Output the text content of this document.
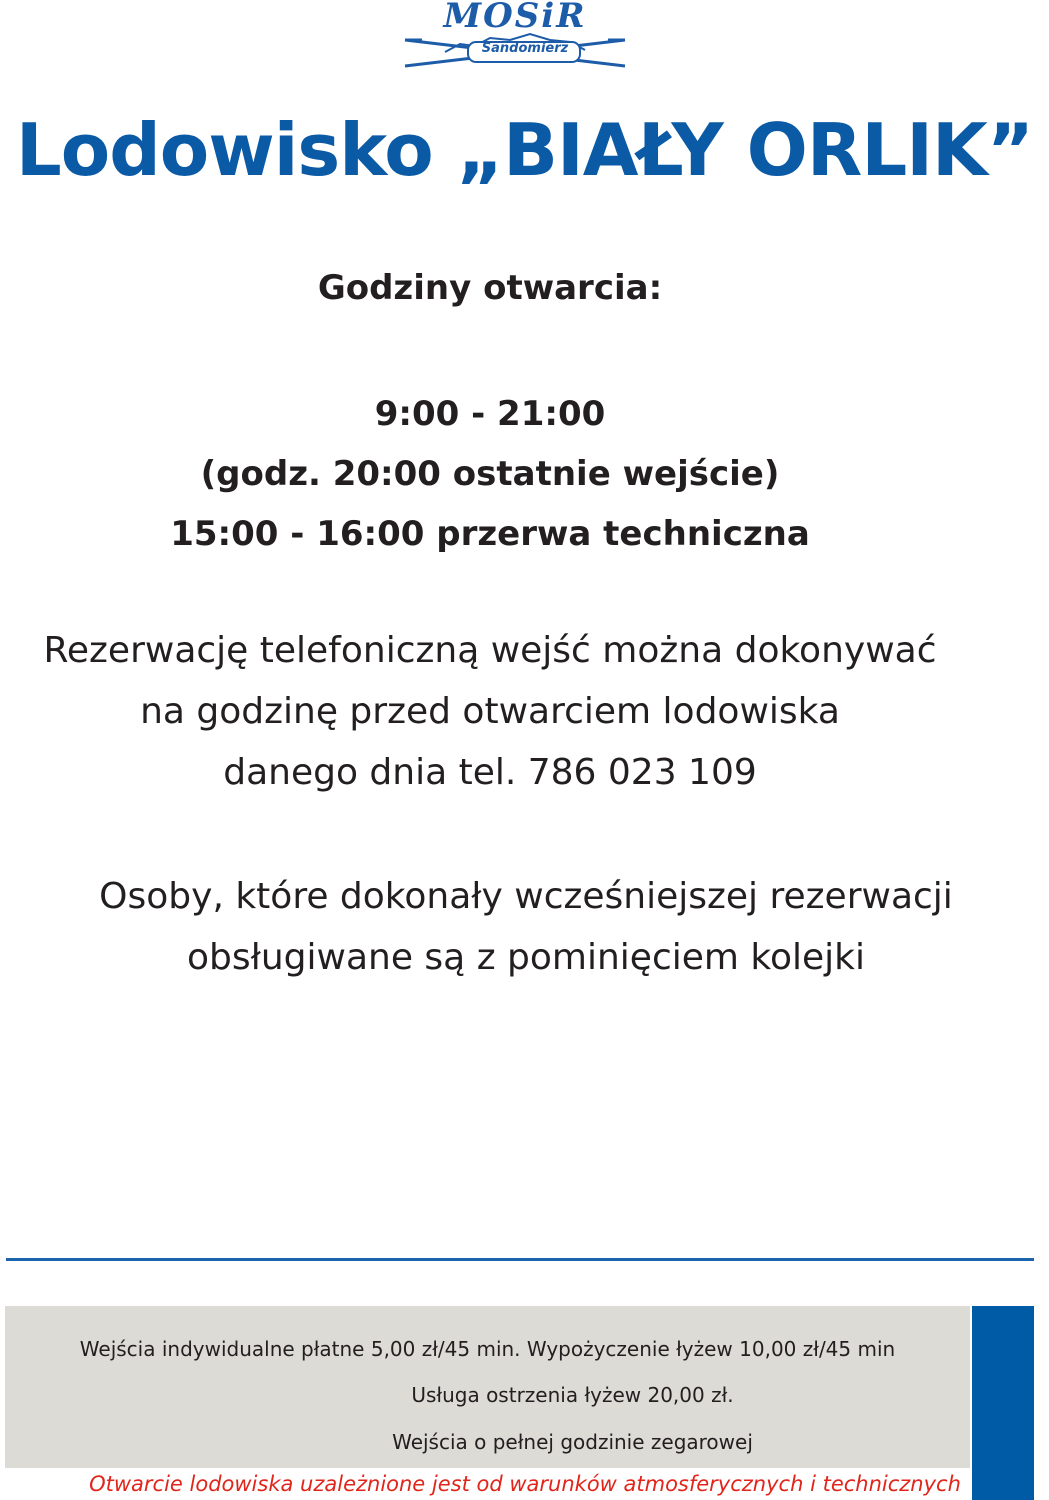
MOSiR
Sandomierz
Lodowisko „BIAŁY ORLIK”
Godziny otwarcia:
9:00 - 21:00
(godz. 20:00 ostatnie wejście)
15:00 - 16:00 przerwa techniczna
Rezerwację telefoniczną wejść można dokonywać
na godzinę przed otwarciem lodowiska
danego dnia tel. 786 023 109
Osoby, które dokonały wcześniejszej rezerwacji
obsługiwane są z pominięciem kolejki
Wejścia indywidualne płatne 5,00 zł/45 min. Wypożyczenie łyżew 10,00 zł/45 min
Usługa ostrzenia łyżew 20,00 zł.
Wejścia o pełnej godzinie zegarowej
Otwarcie lodowiska uzależnione jest od warunków atmosferycznych i technicznych
